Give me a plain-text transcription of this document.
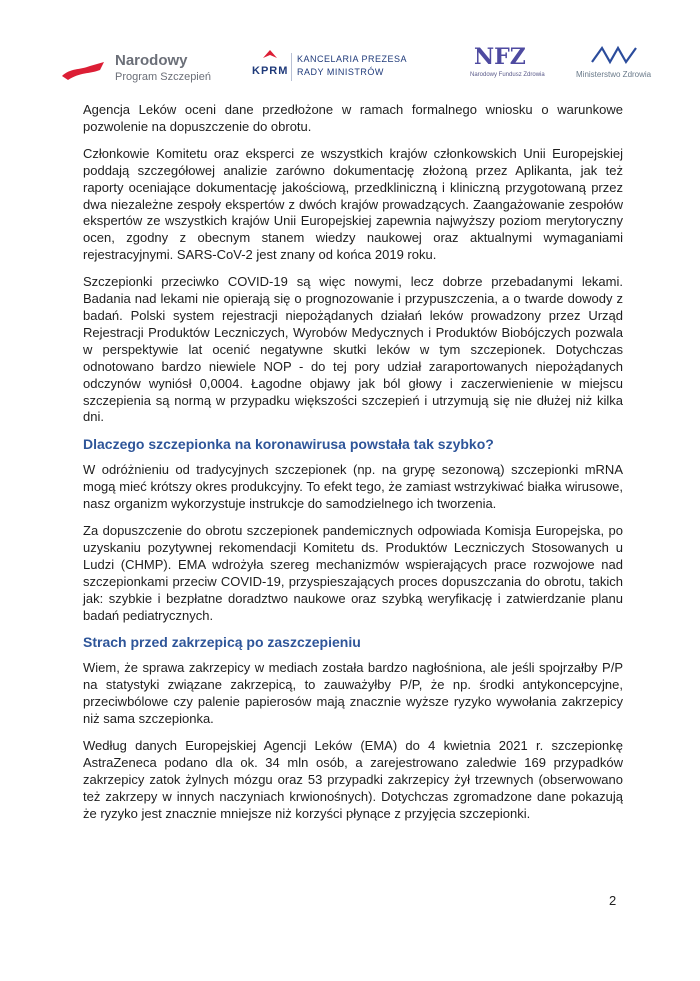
Narodowy
Program Szczepień	KPRM
KANCELARIA PREZESA
RADY MINISTRÓW
NFZ
Narodowy Fundusz Zdrowia	Ministerstwo Zdrowia

Agencja Leków oceni dane przedłożone w ramach formalnego wniosku o warunkowe pozwolenie na dopuszczenie do obrotu.

Członkowie Komitetu oraz eksperci ze wszystkich krajów członkowskich Unii Europejskiej poddają szczegółowej analizie zarówno dokumentację złożoną przez Aplikanta, jak też raporty oceniające dokumentację jakościową, przedkliniczną i kliniczną przygotowaną przez dwa niezależne zespoły ekspertów z dwóch krajów prowadzących. Zaangażowanie zespołów ekspertów ze wszystkich krajów Unii Europejskiej zapewnia najwyższy poziom merytoryczny ocen, zgodny z obecnym stanem wiedzy naukowej oraz aktualnymi wymaganiami rejestracyjnymi. SARS-CoV-2 jest znany od końca 2019 roku.

Szczepionki przeciwko COVID-19 są więc nowymi, lecz dobrze przebadanymi lekami. Badania nad lekami nie opierają się o prognozowanie i przypuszczenia, a o twarde dowody z badań. Polski system rejestracji niepożądanych działań leków prowadzony przez Urząd Rejestracji Produktów Leczniczych, Wyrobów Medycznych i Produktów Biobójczych pozwala w perspektywie lat ocenić negatywne skutki leków w tym szczepionek. Dotychczas odnotowano bardzo niewiele NOP - do tej pory udział zaraportowanych niepożądanych odczynów wyniósł 0,0004. Łagodne objawy jak ból głowy i zaczerwienienie w miejscu szczepienia są normą w przypadku większości szczepień i utrzymują się nie dłużej niż kilka dni.

Dlaczego szczepionka na koronawirusa powstała tak szybko?

W odróżnieniu od tradycyjnych szczepionek (np. na grypę sezonową) szczepionki mRNA mogą mieć krótszy okres produkcyjny. To efekt tego, że zamiast wstrzykiwać białka wirusowe, nasz organizm wykorzystuje instrukcje do samodzielnego ich tworzenia.

Za dopuszczenie do obrotu szczepionek pandemicznych odpowiada Komisja Europejska, po uzyskaniu pozytywnej rekomendacji Komitetu ds. Produktów Leczniczych Stosowanych u Ludzi (CHMP). EMA wdrożyła szereg mechanizmów wspierających prace rozwojowe nad szczepionkami przeciw COVID-19, przyspieszających proces dopuszczania do obrotu, takich jak: szybkie i bezpłatne doradztwo naukowe oraz szybką weryfikację i zatwierdzanie planu badań pediatrycznych.

Strach przed zakrzepicą po zaszczepieniu

Wiem, że sprawa zakrzepicy w mediach została bardzo nagłośniona, ale jeśli spojrzałby P/P na statystyki związane zakrzepicą, to zauważyłby P/P, że np. środki antykoncepcyjne, przeciwbólowe czy palenie papierosów mają znacznie wyższe ryzyko wywołania zakrzepicy niż sama szczepionka.

Według danych Europejskiej Agencji Leków (EMA) do 4 kwietnia 2021 r. szczepionkę AstraZeneca podano dla ok. 34 mln osób, a zarejestrowano zaledwie 169 przypadków zakrzepicy zatok żylnych mózgu oraz 53 przypadki zakrzepicy żył trzewnych (obserwowano też zakrzepy w innych naczyniach krwionośnych). Dotychczas zgromadzone dane pokazują że ryzyko jest znacznie mniejsze niż korzyści płynące z przyjęcia szczepionki.

2
